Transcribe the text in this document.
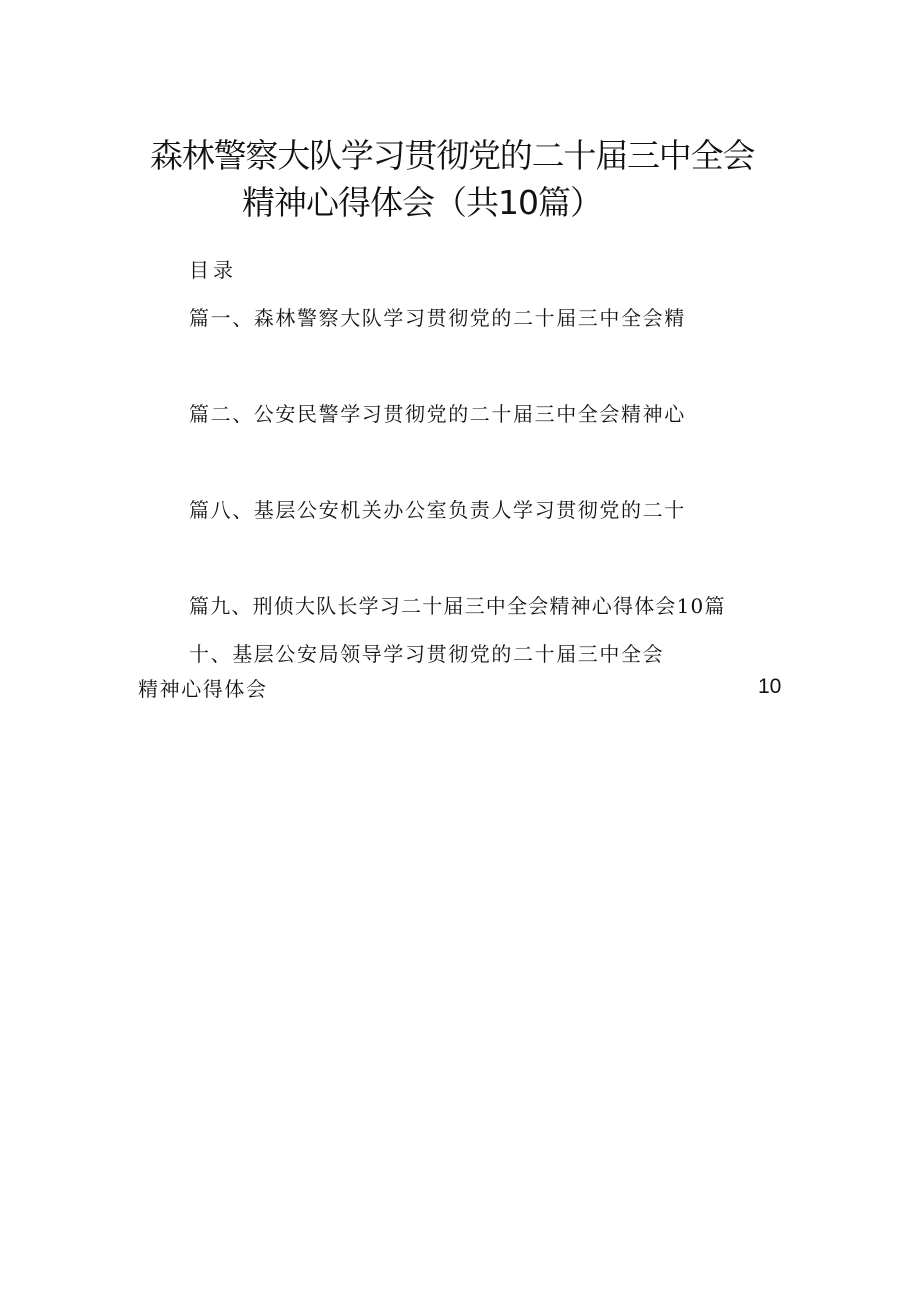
森林警察大队学习贯彻党的二十届三中全会
精神心得体会（共10篇）
目录
篇一、森林警察大队学习贯彻党的二十届三中全会精
篇二、公安民警学习贯彻党的二十届三中全会精神心
篇八、基层公安机关办公室负责人学习贯彻党的二十
篇九、刑侦大队长学习二十届三中全会精神心得体会10篇
十、基层公安局领导学习贯彻党的二十届三中全会
精神心得体会	10
